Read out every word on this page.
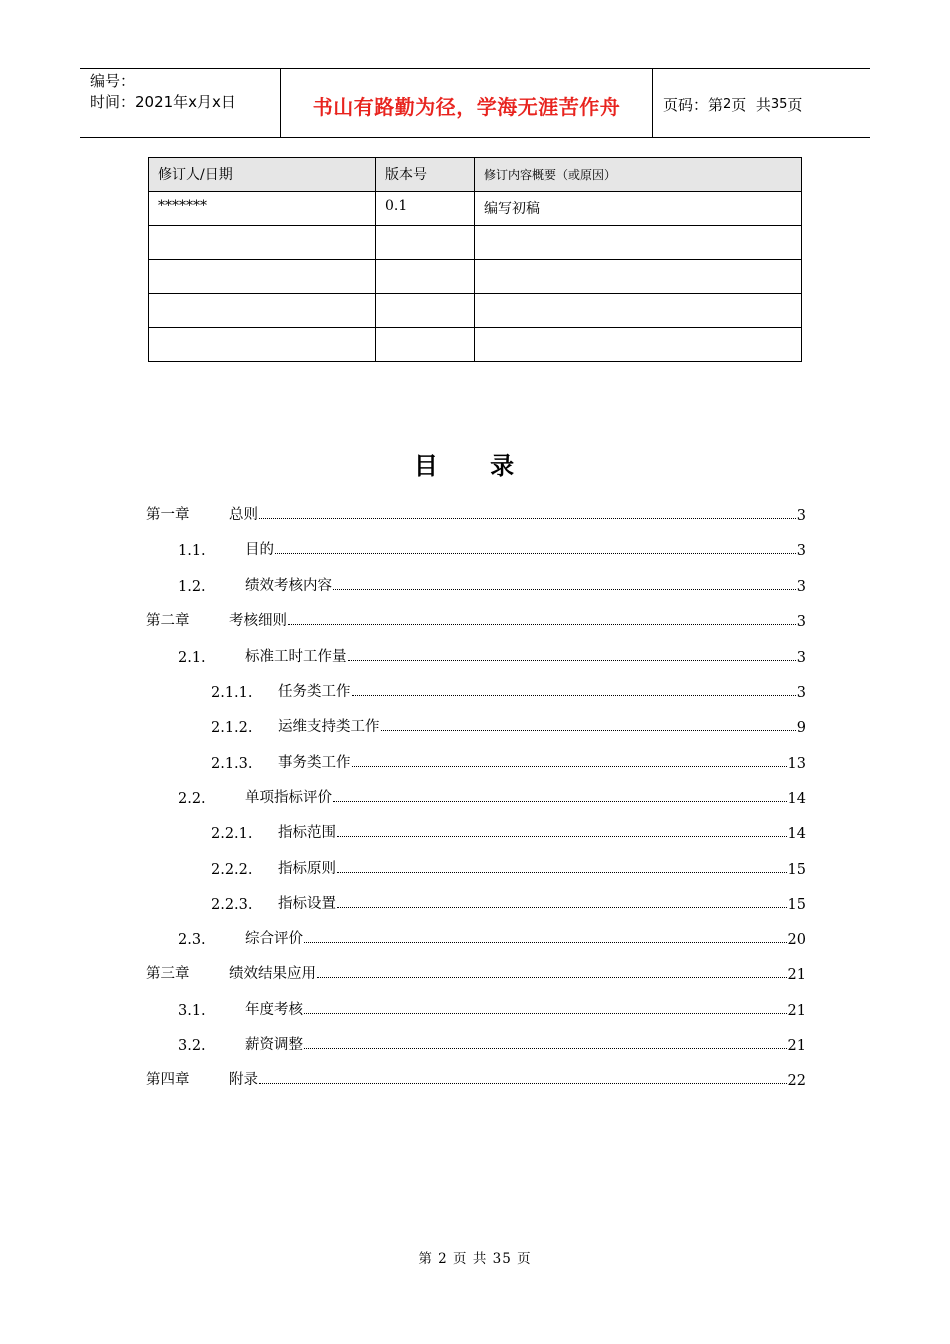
编号：
时间：2021年x月x日	书山有路勤为径，学海无涯苦作舟	页码：第 2 页  共 35 页
修订人/日期	版本号	修订内容概要（或原因）
*******	0.1	编写初稿

目 录
第一章	总则	3
1.1.	目的	3
1.2.	绩效考核内容	3
第二章	考核细则	3
2.1.	标准工时工作量	3
2.1.1.	任务类工作	3
2.1.2.	运维支持类工作	9
2.1.3.	事务类工作	13
2.2.	单项指标评价	14
2.2.1.	指标范围	14
2.2.2.	指标原则	15
2.2.3.	指标设置	15
2.3.	综合评价	20
第三章	绩效结果应用	21
3.1.	年度考核	21
3.2.	薪资调整	21
第四章	附录	22
第 2 页 共 35 页
